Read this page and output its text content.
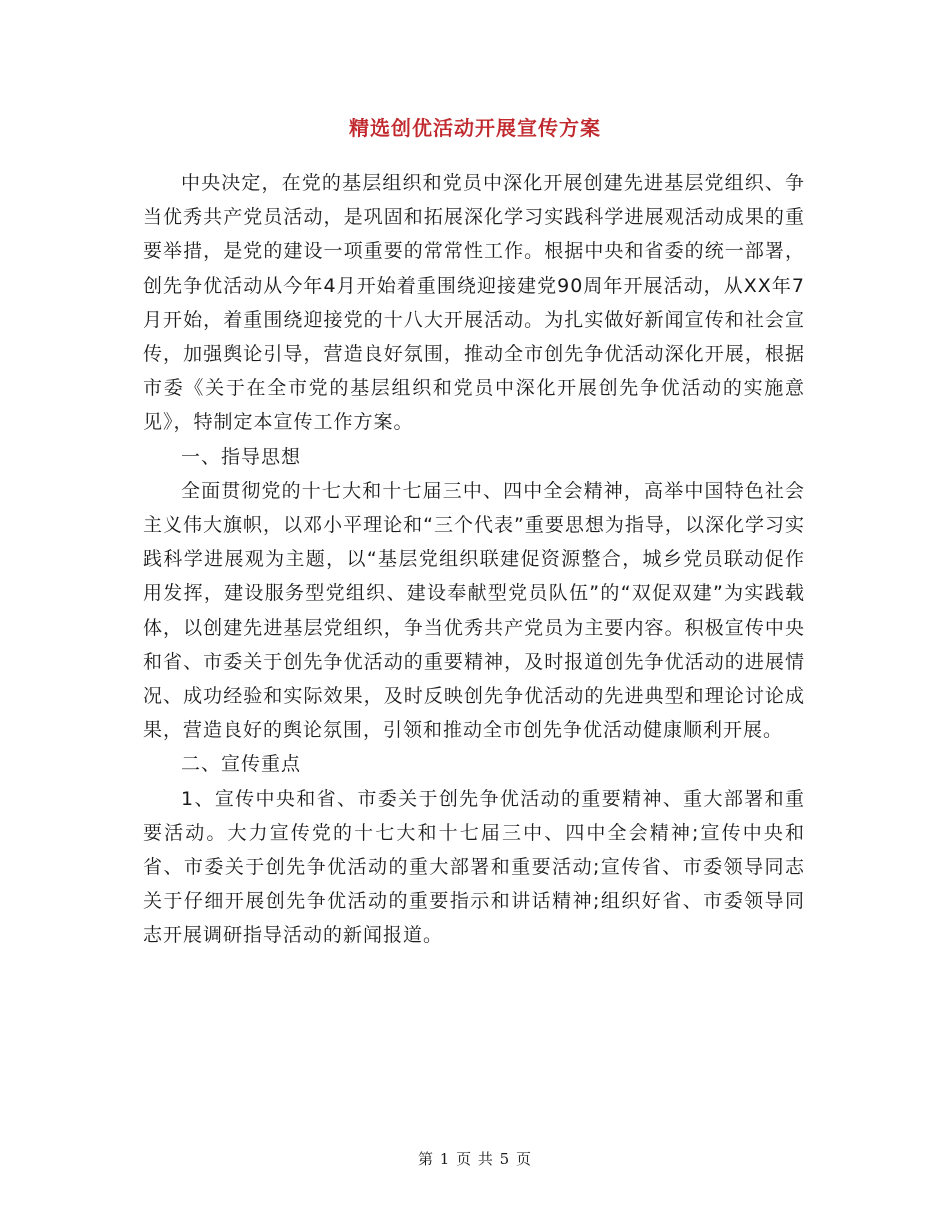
精选创优活动开展宣传方案

中央决定，在党的基层组织和党员中深化开展创建先进基层党组织、争当优秀共产党员活动，是巩固和拓展深化学习实践科学进展观活动成果的重要举措，是党的建设一项重要的常常性工作。根据中央和省委的统一部署，创先争优活动从今年4月开始着重围绕迎接建党90周年开展活动，从XX年7月开始，着重围绕迎接党的十八大开展活动。为扎实做好新闻宣传和社会宣传，加强舆论引导，营造良好氛围，推动全市创先争优活动深化开展，根据市委《关于在全市党的基层组织和党员中深化开展创先争优活动的实施意见》，特制定本宣传工作方案。

一、指导思想

全面贯彻党的十七大和十七届三中、四中全会精神，高举中国特色社会主义伟大旗帜，以邓小平理论和“三个代表”重要思想为指导，以深化学习实践科学进展观为主题，以“基层党组织联建促资源整合，城乡党员联动促作用发挥，建设服务型党组织、建设奉献型党员队伍”的“双促双建”为实践载体，以创建先进基层党组织，争当优秀共产党员为主要内容。积极宣传中央和省、市委关于创先争优活动的重要精神，及时报道创先争优活动的进展情况、成功经验和实际效果，及时反映创先争优活动的先进典型和理论讨论成果，营造良好的舆论氛围，引领和推动全市创先争优活动健康顺利开展。

二、宣传重点

1、宣传中央和省、市委关于创先争优活动的重要精神、重大部署和重要活动。大力宣传党的十七大和十七届三中、四中全会精神;宣传中央和省、市委关于创先争优活动的重大部署和重要活动;宣传省、市委领导同志关于仔细开展创先争优活动的重要指示和讲话精神;组织好省、市委领导同志开展调研指导活动的新闻报道。

第 1 页 共 5 页
